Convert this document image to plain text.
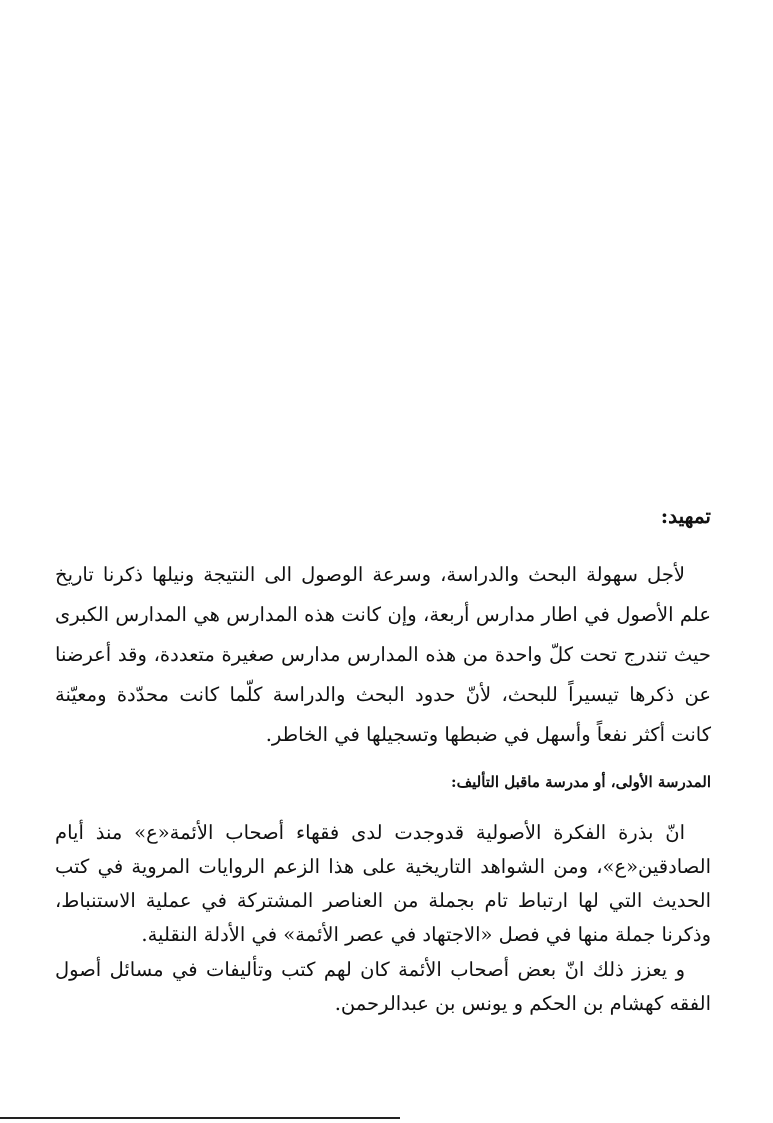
تمهيد:

لأجل سهولة البحث والدراسة، وسرعة الوصول الى النتيجة ونيلها ذكرنا تاريخ علم الأصول في اطار مدارس أربعة، وإن كانت هذه المدارس هي المدارس الكبرى حيث تندرج تحت كلّ واحدة من هذه المدارس مدارس صغيرة متعددة، وقد أعرضنا عن ذكرها تيسيراً للبحث، لأنّ حدود البحث والدراسة كلّما كانت محدّدة ومعيّنة كانت أكثر نفعاً وأسهل في ضبطها وتسجيلها في الخاطر.

المدرسة الأولى، أو مدرسة ماقبل التأليف:

انّ بذرة الفكرة الأصولية قدوجدت لدى فقهاء أصحاب الأئمة«ع» منذ أيام الصادقين«ع»، ومن الشواهد التاريخية على هذا الزعم الروايات المروية في كتب الحديث التي لها ارتباط تام بجملة من العناصر المشتركة في عملية الاستنباط، وذكرنا جملة منها في فصل «الاجتهاد في عصر الأئمة» في الأدلة النقلية.

و يعزز ذلك انّ بعض أصحاب الأئمة كان لهم كتب وتأليفات في مسائل أصول الفقه كهشام بن الحكم و يونس بن عبدالرحمن.
